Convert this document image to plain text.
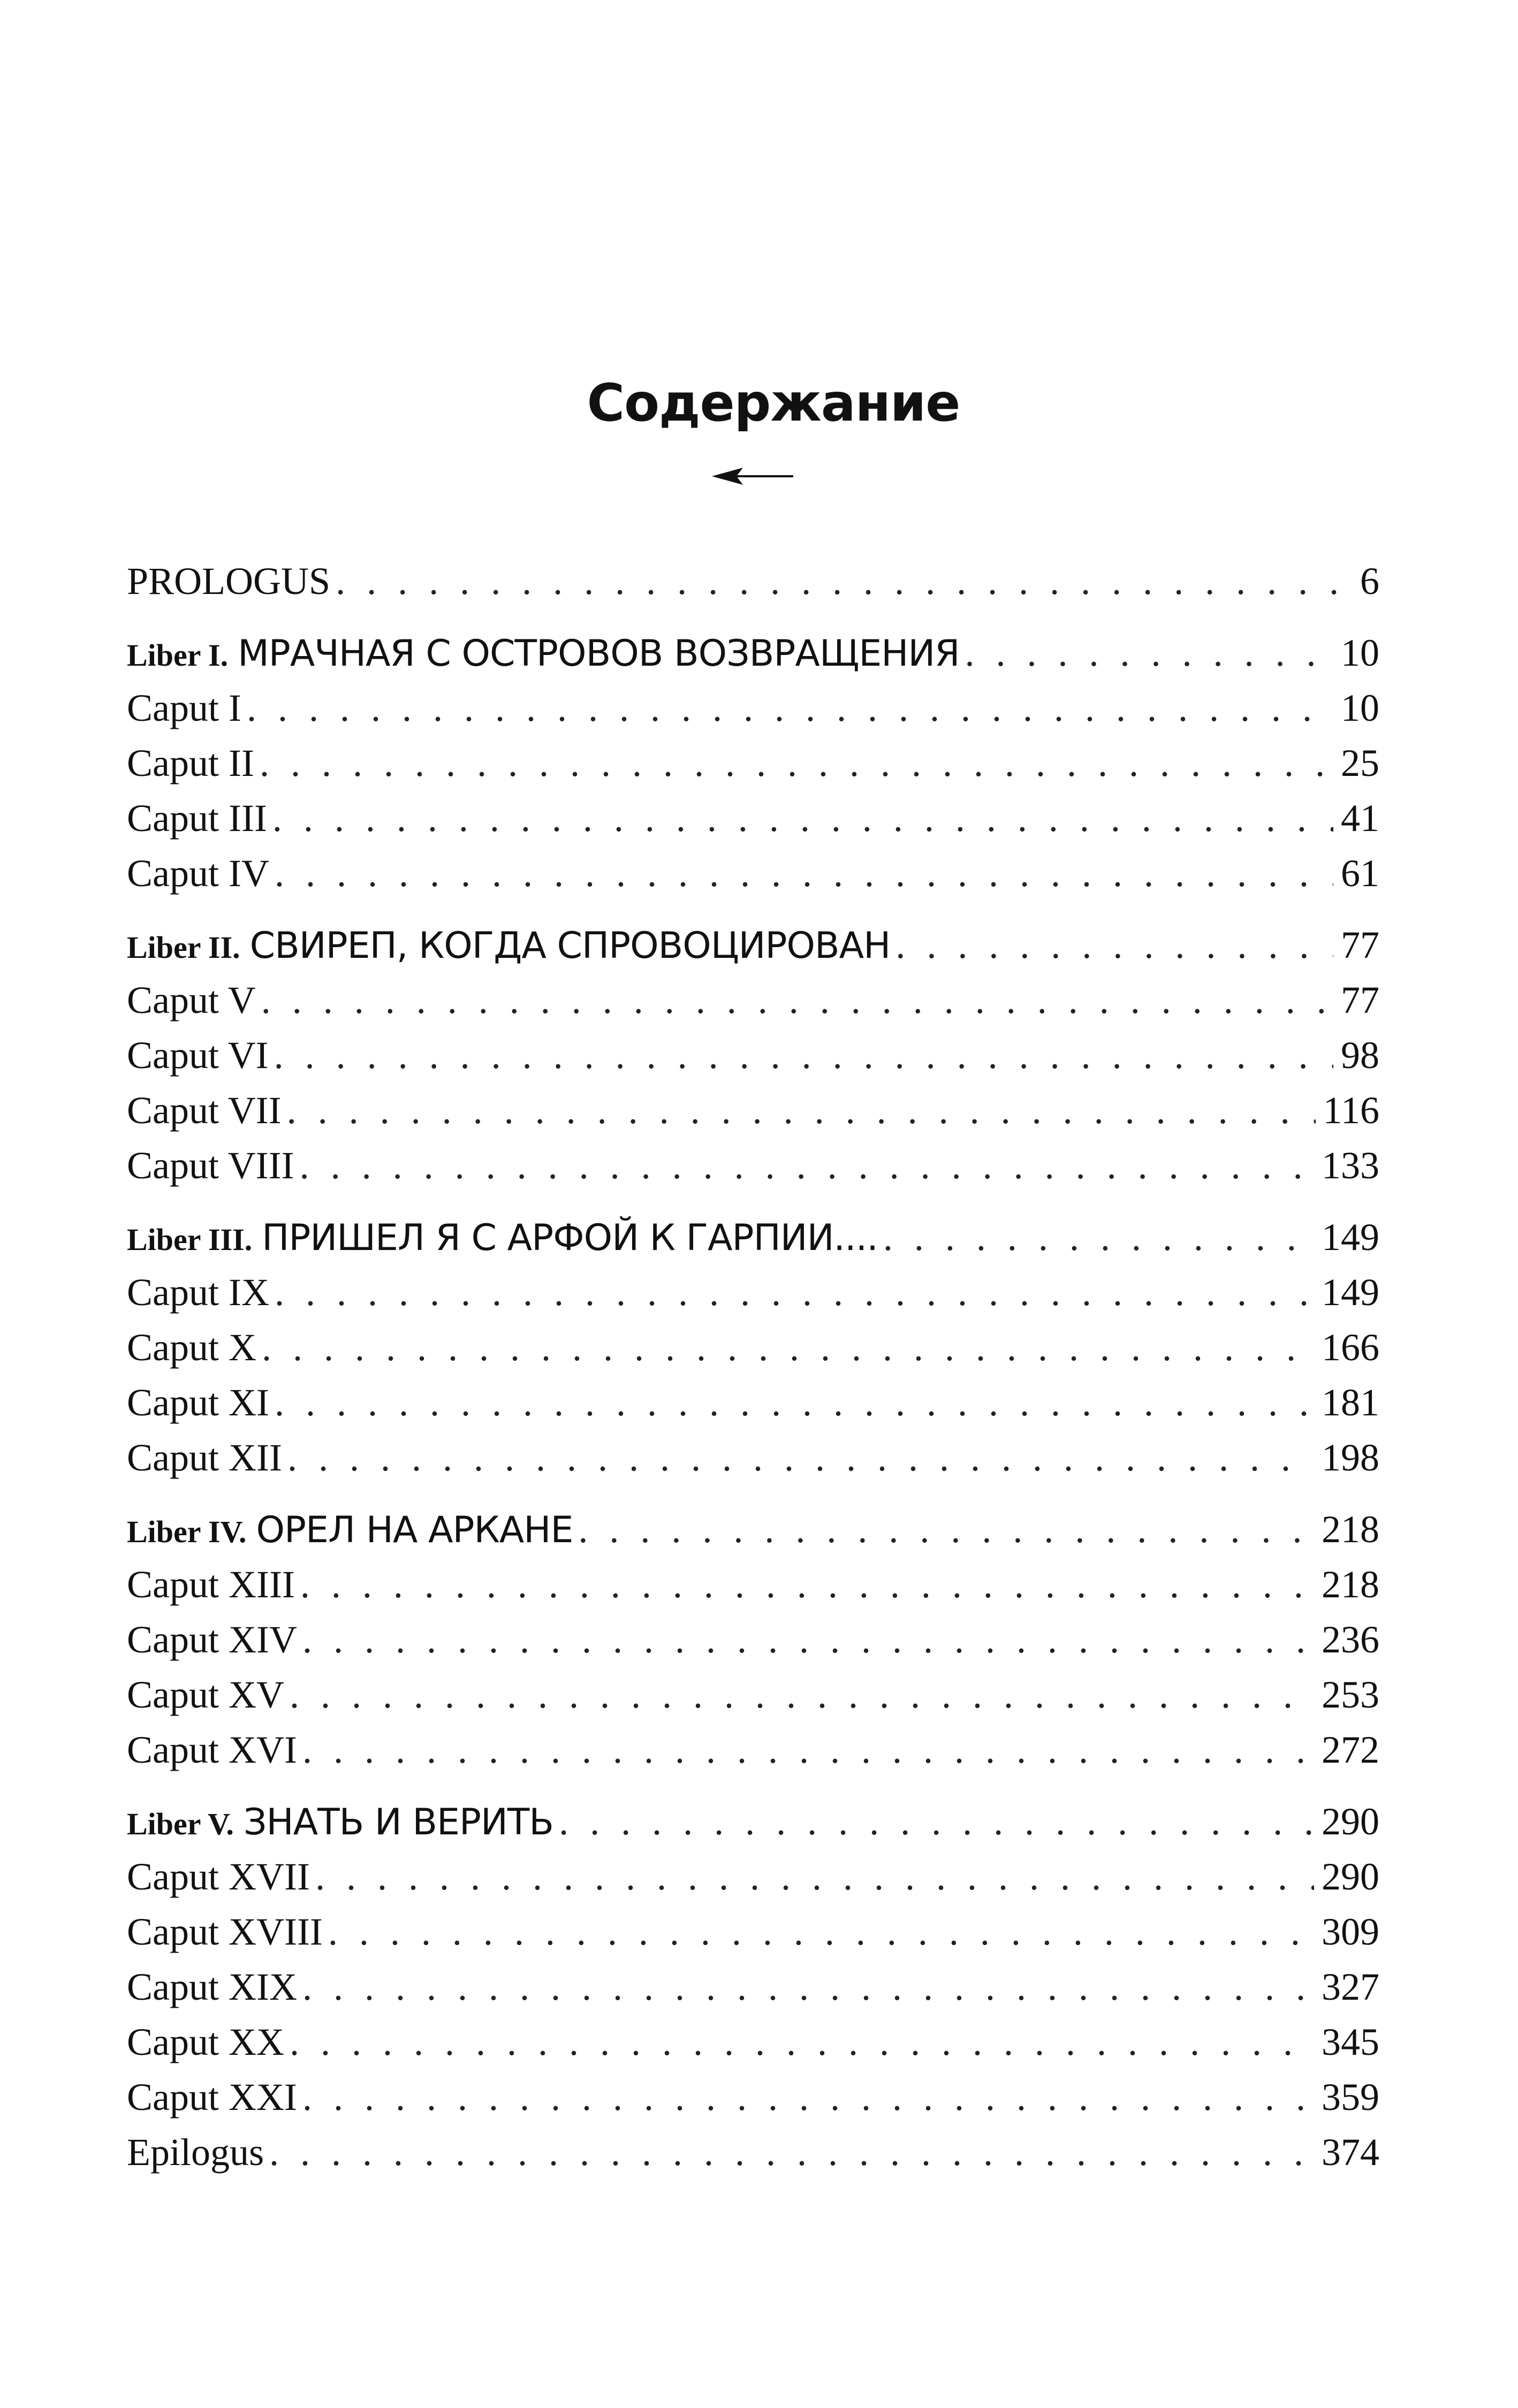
Содержание
PROLOGUS . . .	6
Liber I. МРАЧНАЯ С ОСТРОВОВ ВОЗВРАЩЕНИЯ . . .	10
Caput I . . .	10
Caput II . . .	25
Caput III . . .	41
Caput IV . . .	61
Liber II. СВИРЕП, КОГДА СПРОВОЦИРОВАН . . .	77
Caput V . . .	77
Caput VI . . .	98
Caput VII . . .	116
Caput VIII . . .	133
Liber III. ПРИШЕЛ Я С АРФОЙ К ГАРПИИ.... . . .	149
Caput IX . . .	149
Caput X . . .	166
Caput XI . . .	181
Caput XII . . .	198
Liber IV. ОРЕЛ НА АРКАНЕ . . .	218
Caput XIII . . .	218
Caput XIV . . .	236
Caput XV . . .	253
Caput XVI . . .	272
Liber V. ЗНАТЬ И ВЕРИТЬ . . .	290
Caput XVII . . .	290
Caput XVIII . . .	309
Caput XIX . . .	327
Caput XX . . .	345
Caput XXI . . .	359
Epilogus . . .	374
